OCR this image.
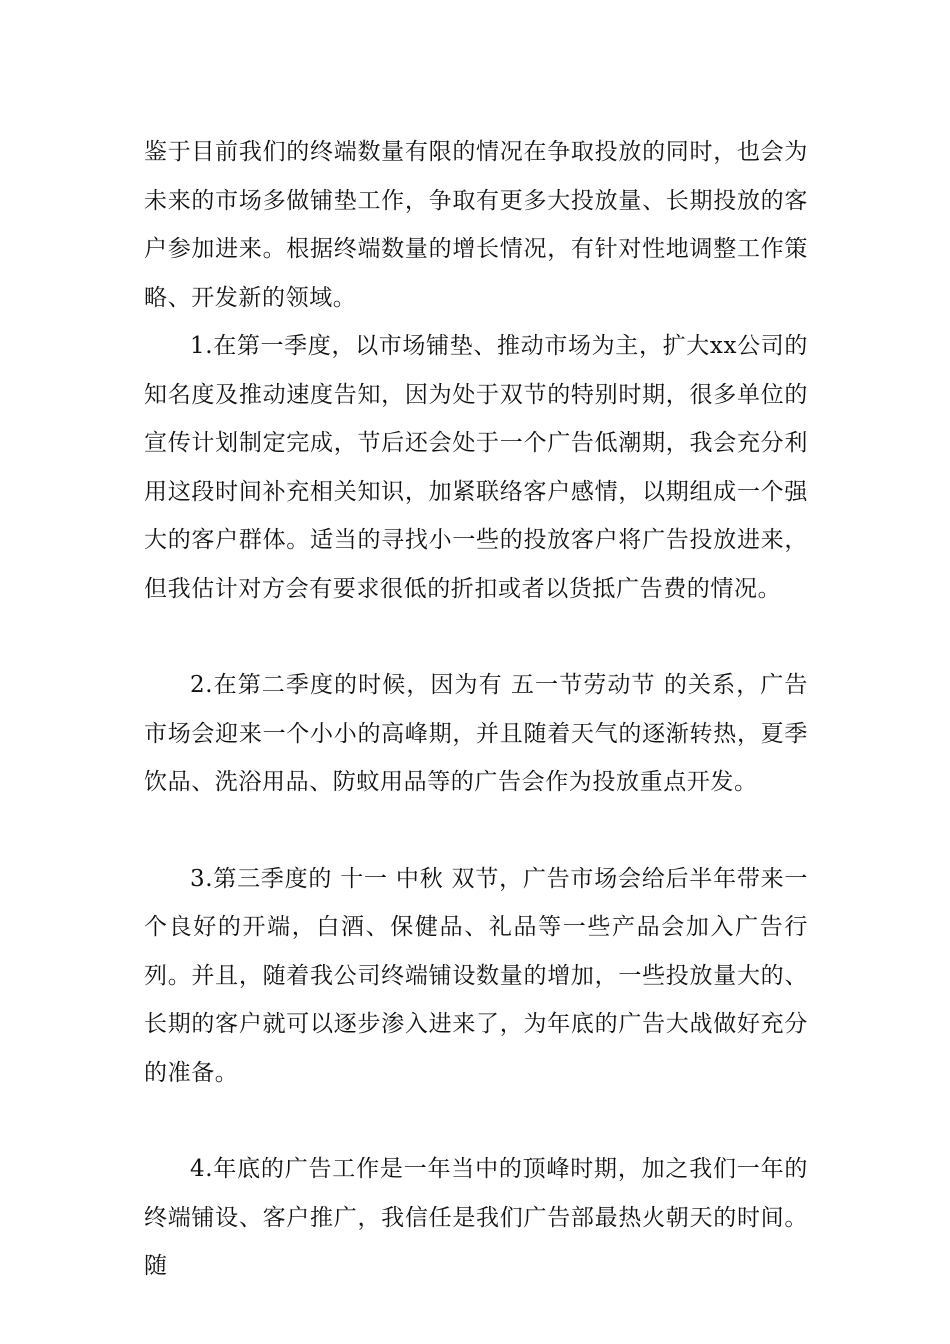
鉴于目前我们的终端数量有限的情况在争取投放的同时，也会为未来的市场多做铺垫工作，争取有更多大投放量、长期投放的客户参加进来。根据终端数量的增长情况，有针对性地调整工作策略、开发新的领域。

1.在第一季度，以市场铺垫、推动市场为主，扩大xx公司的知名度及推动速度告知，因为处于双节的特别时期，很多单位的宣传计划制定完成，节后还会处于一个广告低潮期，我会充分利用这段时间补充相关知识，加紧联络客户感情，以期组成一个强大的客户群体。适当的寻找小一些的投放客户将广告投放进来，但我估计对方会有要求很低的折扣或者以货抵广告费的情况。

2.在第二季度的时候，因为有 五一节劳动节 的关系，广告市场会迎来一个小小的高峰期，并且随着天气的逐渐转热，夏季饮品、洗浴用品、防蚊用品等的广告会作为投放重点开发。

3.第三季度的 十一 中秋 双节，广告市场会给后半年带来一个良好的开端，白酒、保健品、礼品等一些产品会加入广告行列。并且，随着我公司终端铺设数量的增加，一些投放量大的、长期的客户就可以逐步渗入进来了，为年底的广告大战做好充分的准备。

4.年底的广告工作是一年当中的顶峰时期，加之我们一年的终端铺设、客户推广，我信任是我们广告部最热火朝天的时间。随
